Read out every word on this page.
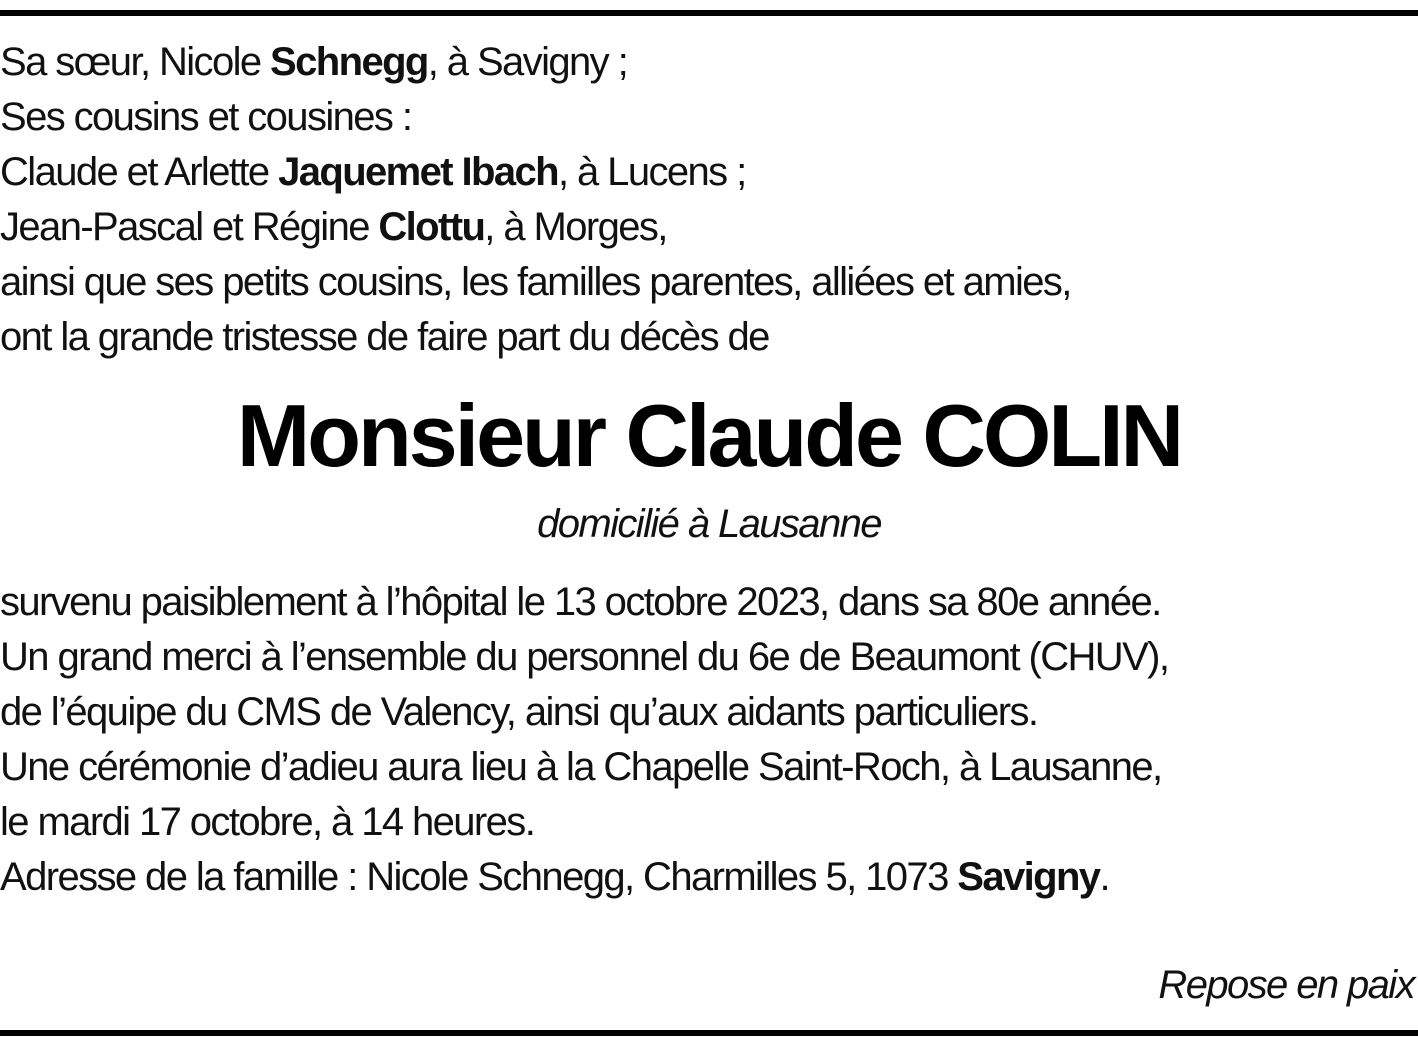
Sa sœur, Nicole Schnegg, à Savigny ;
Ses cousins et cousines :
Claude et Arlette Jaquemet Ibach, à Lucens ;
Jean-Pascal et Régine Clottu, à Morges,
ainsi que ses petits cousins, les familles parentes, alliées et amies,
ont la grande tristesse de faire part du décès de
Monsieur Claude COLIN
domicilié à Lausanne
survenu paisiblement à l’hôpital le 13 octobre 2023, dans sa 80e année.
Un grand merci à l’ensemble du personnel du 6e de Beaumont (CHUV),
de l’équipe du CMS de Valency, ainsi qu’aux aidants particuliers.
Une cérémonie d’adieu aura lieu à la Chapelle Saint-Roch, à Lausanne,
le mardi 17 octobre, à 14 heures.
Adresse de la famille : Nicole Schnegg, Charmilles 5, 1073 Savigny.
Repose en paix
